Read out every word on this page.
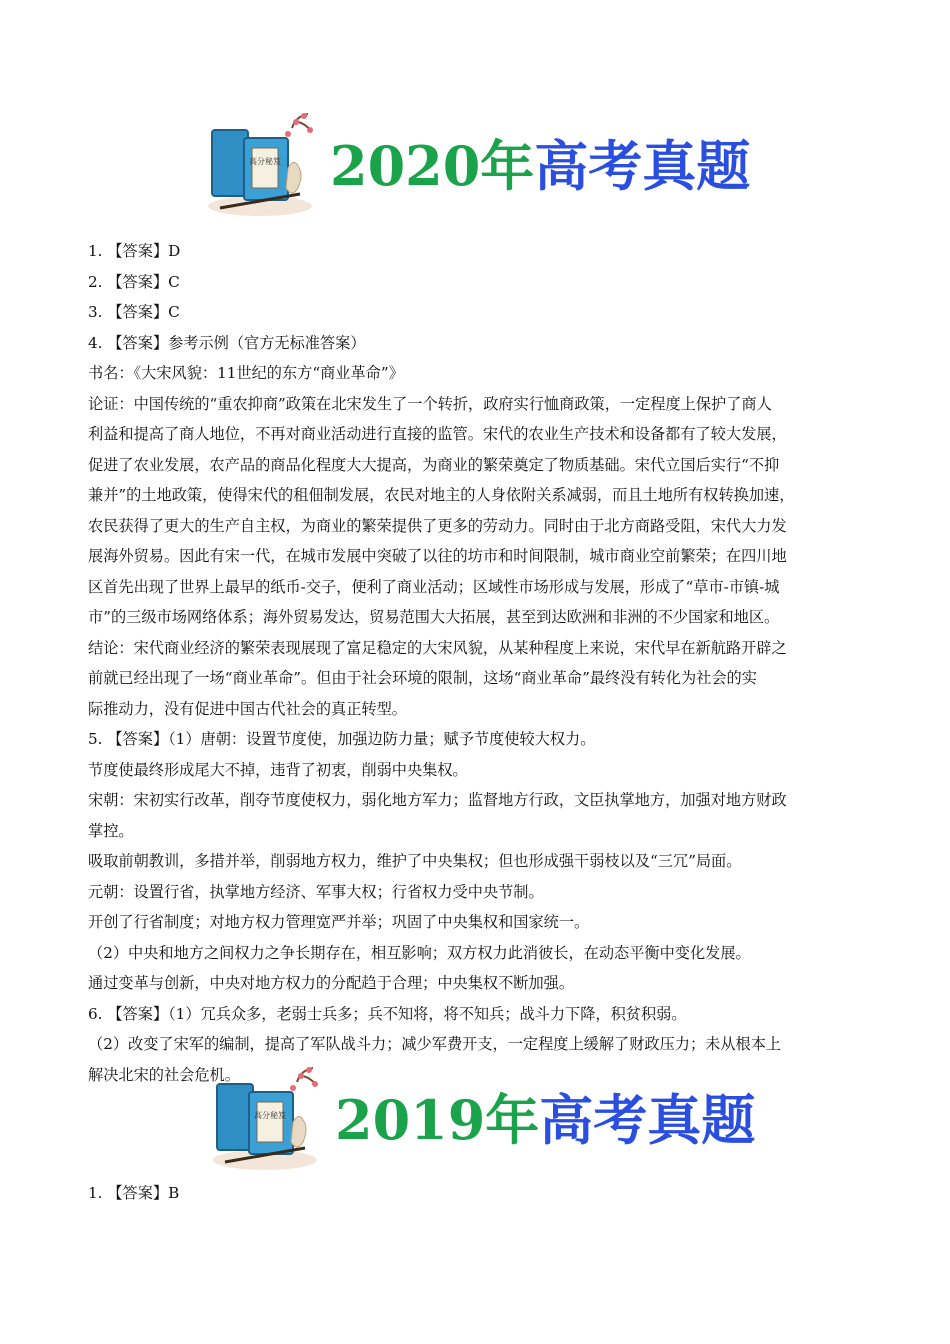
高分秘笈 2020年高考真题
1. 【答案】D
2. 【答案】C
3. 【答案】C
4. 【答案】参考示例（官方无标准答案）
书名：《大宋风貌：11世纪的东方“商业革命”》
论证：中国传统的“重农抑商”政策在北宋发生了一个转折，政府实行恤商政策，一定程度上保护了商人
利益和提高了商人地位，不再对商业活动进行直接的监管。宋代的农业生产技术和设备都有了较大发展，
促进了农业发展，农产品的商品化程度大大提高，为商业的繁荣奠定了物质基础。宋代立国后实行“不抑
兼并”的土地政策，使得宋代的租佃制发展，农民对地主的人身依附关系减弱，而且土地所有权转换加速，
农民获得了更大的生产自主权，为商业的繁荣提供了更多的劳动力。同时由于北方商路受阻，宋代大力发
展海外贸易。因此有宋一代，在城市发展中突破了以往的坊市和时间限制，城市商业空前繁荣；在四川地
区首先出现了世界上最早的纸币-交子，便利了商业活动；区域性市场形成与发展，形成了“草市-市镇-城
市”的三级市场网络体系；海外贸易发达，贸易范围大大拓展，甚至到达欧洲和非洲的不少国家和地区。
结论：宋代商业经济的繁荣表现展现了富足稳定的大宋风貌，从某种程度上来说，宋代早在新航路开辟之
前就已经出现了一场“商业革命”。但由于社会环境的限制，这场“商业革命”最终没有转化为社会的实
际推动力，没有促进中国古代社会的真正转型。
5. 【答案】（1）唐朝：设置节度使，加强边防力量；赋予节度使较大权力。
节度使最终形成尾大不掉，违背了初衷，削弱中央集权。
宋朝：宋初实行改革，削夺节度使权力，弱化地方军力；监督地方行政，文臣执掌地方，加强对地方财政
掌控。
吸取前朝教训，多措并举，削弱地方权力，维护了中央集权；但也形成强干弱枝以及“三冗”局面。
元朝：设置行省，执掌地方经济、军事大权；行省权力受中央节制。
开创了行省制度；对地方权力管理宽严并举；巩固了中央集权和国家统一。
（2）中央和地方之间权力之争长期存在，相互影响；双方权力此消彼长，在动态平衡中变化发展。
通过变革与创新，中央对地方权力的分配趋于合理；中央集权不断加强。
6. 【答案】（1）冗兵众多，老弱士兵多；兵不知将，将不知兵；战斗力下降，积贫积弱。
（2）改变了宋军的编制，提高了军队战斗力；减少军费开支，一定程度上缓解了财政压力；未从根本上
解决北宋的社会危机。
高分秘笈 2019年高考真题
1. 【答案】B
